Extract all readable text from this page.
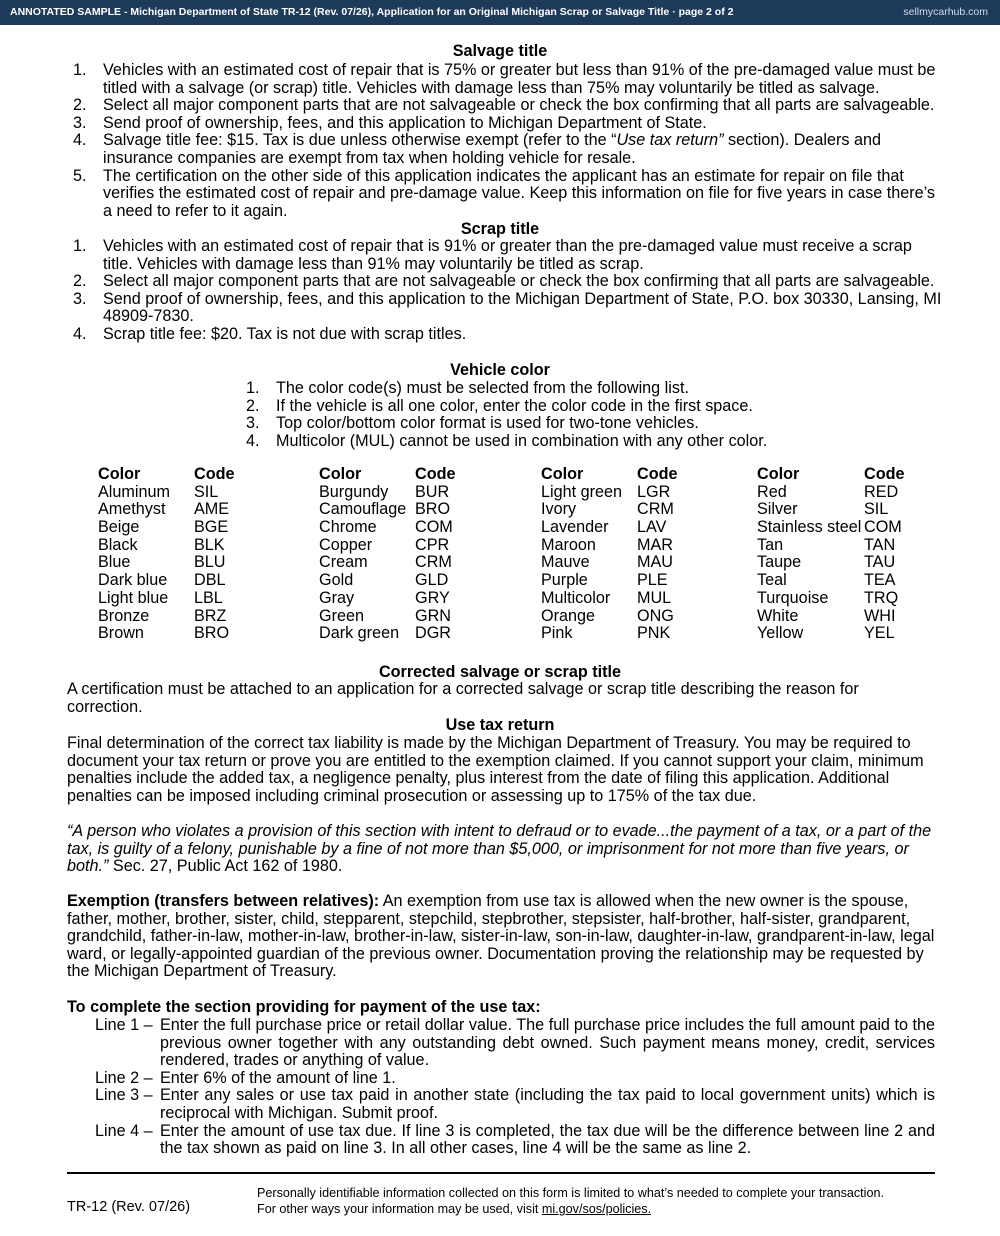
ANNOTATED SAMPLE - Michigan Department of State TR-12 (Rev. 07/26), Application for an Original Michigan Scrap or Salvage Title · page 2 of 2	sellmycarhub.com
Salvage title
1. Vehicles with an estimated cost of repair that is 75% or greater but less than 91% of the pre-damaged value must be titled with a salvage (or scrap) title. Vehicles with damage less than 75% may voluntarily be titled as salvage.
2. Select all major component parts that are not salvageable or check the box confirming that all parts are salvageable.
3. Send proof of ownership, fees, and this application to Michigan Department of State.
4. Salvage title fee: $15. Tax is due unless otherwise exempt (refer to the “Use tax return” section). Dealers and insurance companies are exempt from tax when holding vehicle for resale.
5. The certification on the other side of this application indicates the applicant has an estimate for repair on file that verifies the estimated cost of repair and pre-damage value. Keep this information on file for five years in case there’s a need to refer to it again.
Scrap title
1. Vehicles with an estimated cost of repair that is 91% or greater than the pre-damaged value must receive a scrap title. Vehicles with damage less than 91% may voluntarily be titled as scrap.
2. Select all major component parts that are not salvageable or check the box confirming that all parts are salvageable.
3. Send proof of ownership, fees, and this application to the Michigan Department of State, P.O. box 30330, Lansing, MI 48909-7830.
4. Scrap title fee: $20. Tax is not due with scrap titles.
Vehicle color
1. The color code(s) must be selected from the following list.
2. If the vehicle is all one color, enter the color code in the first space.
3. Top color/bottom color format is used for two-tone vehicles.
4. Multicolor (MUL) cannot be used in combination with any other color.
Color	Code
Aluminum SIL
Amethyst AME
Beige	BGE
Black	BLK
Blue	BLU
Dark blue DBL
Light blue LBL
Bronze	BRZ
Brown	BRO
Color	Code
Burgundy BUR
Camouflage BRO
Chrome COM
Copper	CPR
Cream	CRM
Gold	GLD
Gray	GRY
Green	GRN
Dark green DGR
Color	Code
Light green LGR
Ivory	CRM
Lavender LAV
Maroon	MAR
Mauve	MAU
Purple	PLE
Multicolor MUL
Orange	ONG
Pink	PNK
Color	Code
Red	RED
Silver	SIL
Stainless steel COM
Tan	TAN
Taupe	TAU
Teal	TEA
Turquoise TRQ
White	WHI
Yellow	YEL
Corrected salvage or scrap title
A certification must be attached to an application for a corrected salvage or scrap title describing the reason for correction.
Use tax return
Final determination of the correct tax liability is made by the Michigan Department of Treasury. You may be required to document your tax return or prove you are entitled to the exemption claimed. If you cannot support your claim, minimum penalties include the added tax, a negligence penalty, plus interest from the date of filing this application. Additional penalties can be imposed including criminal prosecution or assessing up to 175% of the tax due.
“A person who violates a provision of this section with intent to defraud or to evade...the payment of a tax, or a part of the tax, is guilty of a felony, punishable by a fine of not more than $5,000, or imprisonment for not more than five years, or both.” Sec. 27, Public Act 162 of 1980.
Exemption (transfers between relatives): An exemption from use tax is allowed when the new owner is the spouse, father, mother, brother, sister, child, stepparent, stepchild, stepbrother, stepsister, half-brother, half-sister, grandparent, grandchild, father-in-law, mother-in-law, brother-in-law, sister-in-law, son-in-law, daughter-in-law, grandparent-in-law, legal ward, or legally-appointed guardian of the previous owner. Documentation proving the relationship may be requested by the Michigan Department of Treasury.
To complete the section providing for payment of the use tax:
Line 1 – Enter the full purchase price or retail dollar value. The full purchase price includes the full amount paid to the previous owner together with any outstanding debt owned. Such payment means money, credit, services rendered, trades or anything of value.
Line 2 – Enter 6% of the amount of line 1.
Line 3 – Enter any sales or use tax paid in another state (including the tax paid to local government units) which is reciprocal with Michigan. Submit proof.
Line 4 – Enter the amount of use tax due. If line 3 is completed, the tax due will be the difference between line 2 and the tax shown as paid on line 3. In all other cases, line 4 will be the same as line 2.
TR-12 (Rev. 07/26)
Personally identifiable information collected on this form is limited to what’s needed to complete your transaction.
For other ways your information may be used, visit mi.gov/sos/policies.
